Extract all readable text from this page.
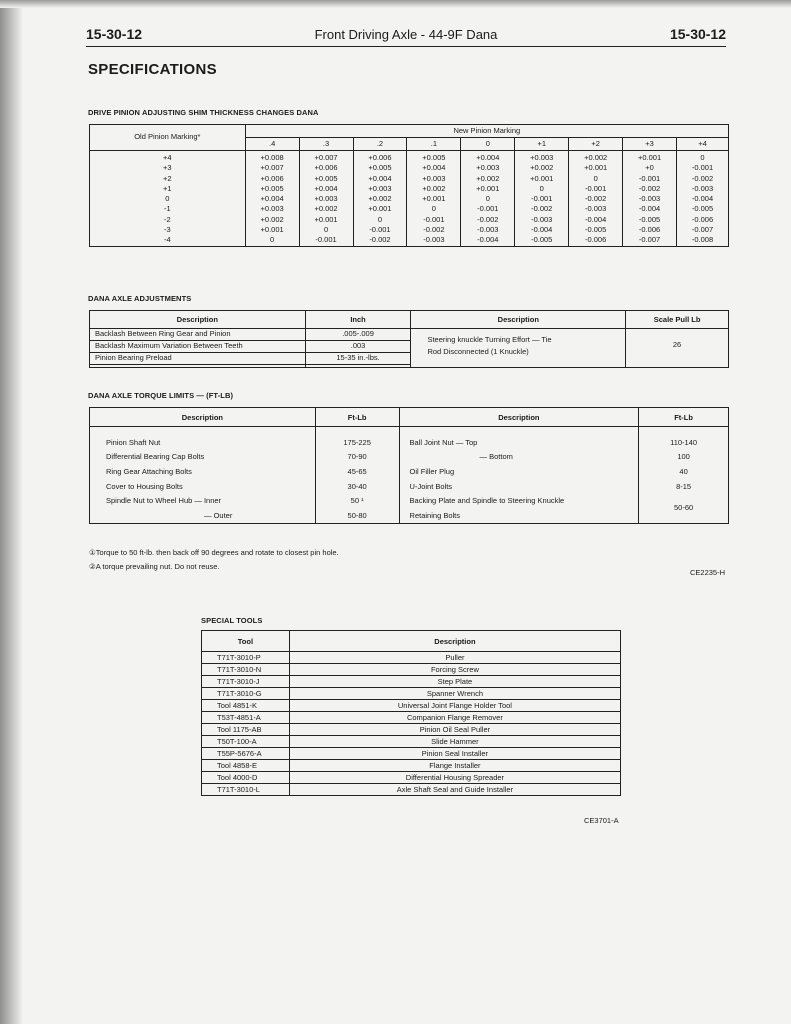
15-30-12	Front Driving Axle - 44-9F Dana	15-30-12
SPECIFICATIONS
DRIVE PINION ADJUSTING SHIM THICKNESS CHANGES DANA
Old Pinion Marking*	New Pinion Marking								
	.4	.3	.2	.1	0	+1	+2	+3	+4
+4	+0.008	+0.007	+0.006	+0.005	+0.004	+0.003	+0.002	+0.001	0
+3	+0.007	+0.006	+0.005	+0.004	+0.003	+0.002	+0.001	+0	-0.001
+2	+0.006	+0.005	+0.004	+0.003	+0.002	+0.001	0	-0.001	-0.002
+1	+0.005	+0.004	+0.003	+0.002	+0.001	0	-0.001	-0.002	-0.003
0	+0.004	+0.003	+0.002	+0.001	0	-0.001	-0.002	-0.003	-0.004
-1	+0.003	+0.002	+0.001	0	-0.001	-0.002	-0.003	-0.004	-0.005
-2	+0.002	+0.001	0	-0.001	-0.002	-0.003	-0.004	-0.005	-0.006
-3	+0.001	0	-0.001	-0.002	-0.003	-0.004	-0.005	-0.006	-0.007
-4	0	-0.001	-0.002	-0.003	-0.004	-0.005	-0.006	-0.007	-0.008
DANA AXLE ADJUSTMENTS
Description	Inch	Description	Scale Pull Lb
Backlash Between Ring Gear and Pinion	.005-.009	Steering knuckle Turning Effort — Tie
Rod Disconnected (1 Knuckle)	26
Backlash Maximum Variation Between Teeth	.003		
Pinion Bearing Preload	15-35 in.-lbs.		

DANA AXLE TORQUE LIMITS — (FT-LB)
Description	Ft-Lb	Description	Ft-Lb
Pinion Shaft Nut	175-225	Ball Joint Nut — Top	110-140
Differential Bearing Cap Bolts	70-90	— Bottom	100
Ring Gear Attaching Bolts	45-65	Oil Filler Plug	40
Cover to Housing Bolts	30-40	U-Joint Bolts	8-15
Spindle Nut to Wheel Hub — Inner	50 ¹	Backing Plate and Spindle to Steering Knuckle	50-60
— Outer	50-80	Retaining Bolts	
①Torque to 50 ft-lb. then back off 90 degrees and rotate to closest pin hole.
②A torque prevailing nut. Do not reuse.
CE2235-H
SPECIAL TOOLS
Tool	Description
T71T-3010-P	Puller
T71T-3010-N	Forcing Screw
T71T-3010-J	Step Plate
T71T-3010-G	Spanner Wrench
Tool 4851-K	Universal Joint Flange Holder Tool
T53T-4851-A	Companion Flange Remover
Tool 1175-AB	Pinion Oil Seal Puller
T50T-100-A	Slide Hammer
T55P-5676-A	Pinion Seal Installer
Tool 4858-E	Flange Installer
Tool 4000-D	Differential Housing Spreader
T71T-3010-L	Axle Shaft Seal and Guide Installer
CE3701-A
